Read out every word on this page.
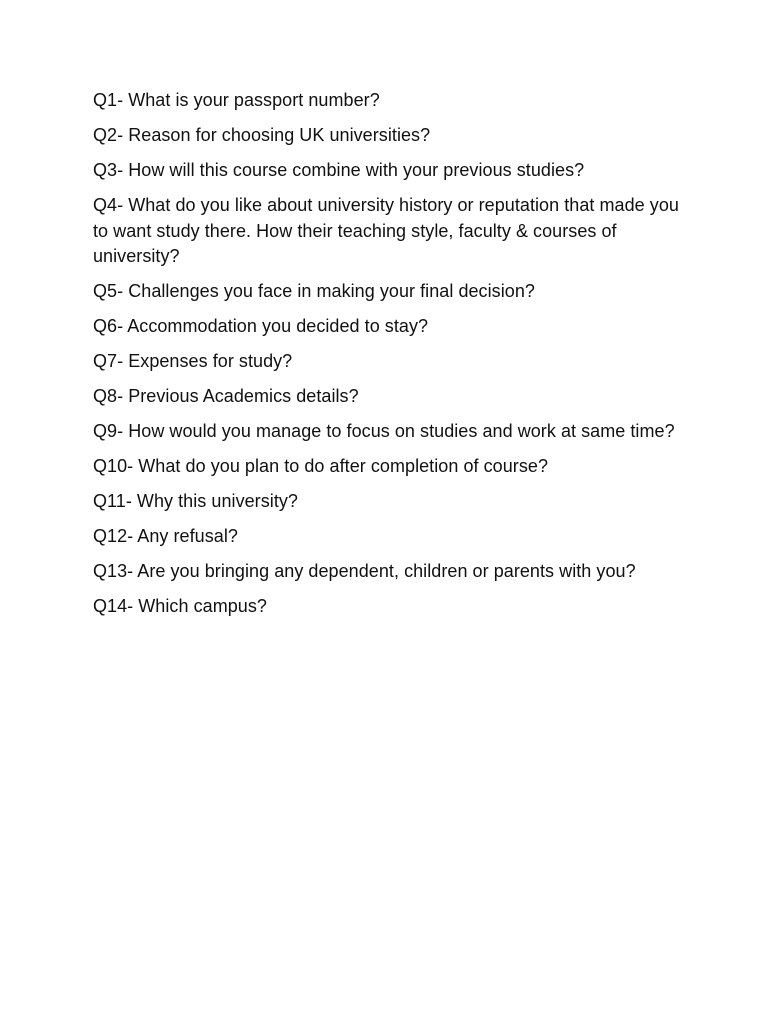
Q1- What is your passport number?

Q2- Reason for choosing UK universities?

Q3- How will this course combine with your previous studies?

Q4- What do you like about university history or reputation that made you to want study there. How their teaching style, faculty & courses of university?

Q5- Challenges you face in making your final decision?

Q6- Accommodation you decided to stay?

Q7- Expenses for study?

Q8- Previous Academics details?

Q9- How would you manage to focus on studies and work at same time?

Q10- What do you plan to do after completion of course?

Q11- Why this university?

Q12- Any refusal?

Q13- Are you bringing any dependent, children or parents with you?

Q14- Which campus?
